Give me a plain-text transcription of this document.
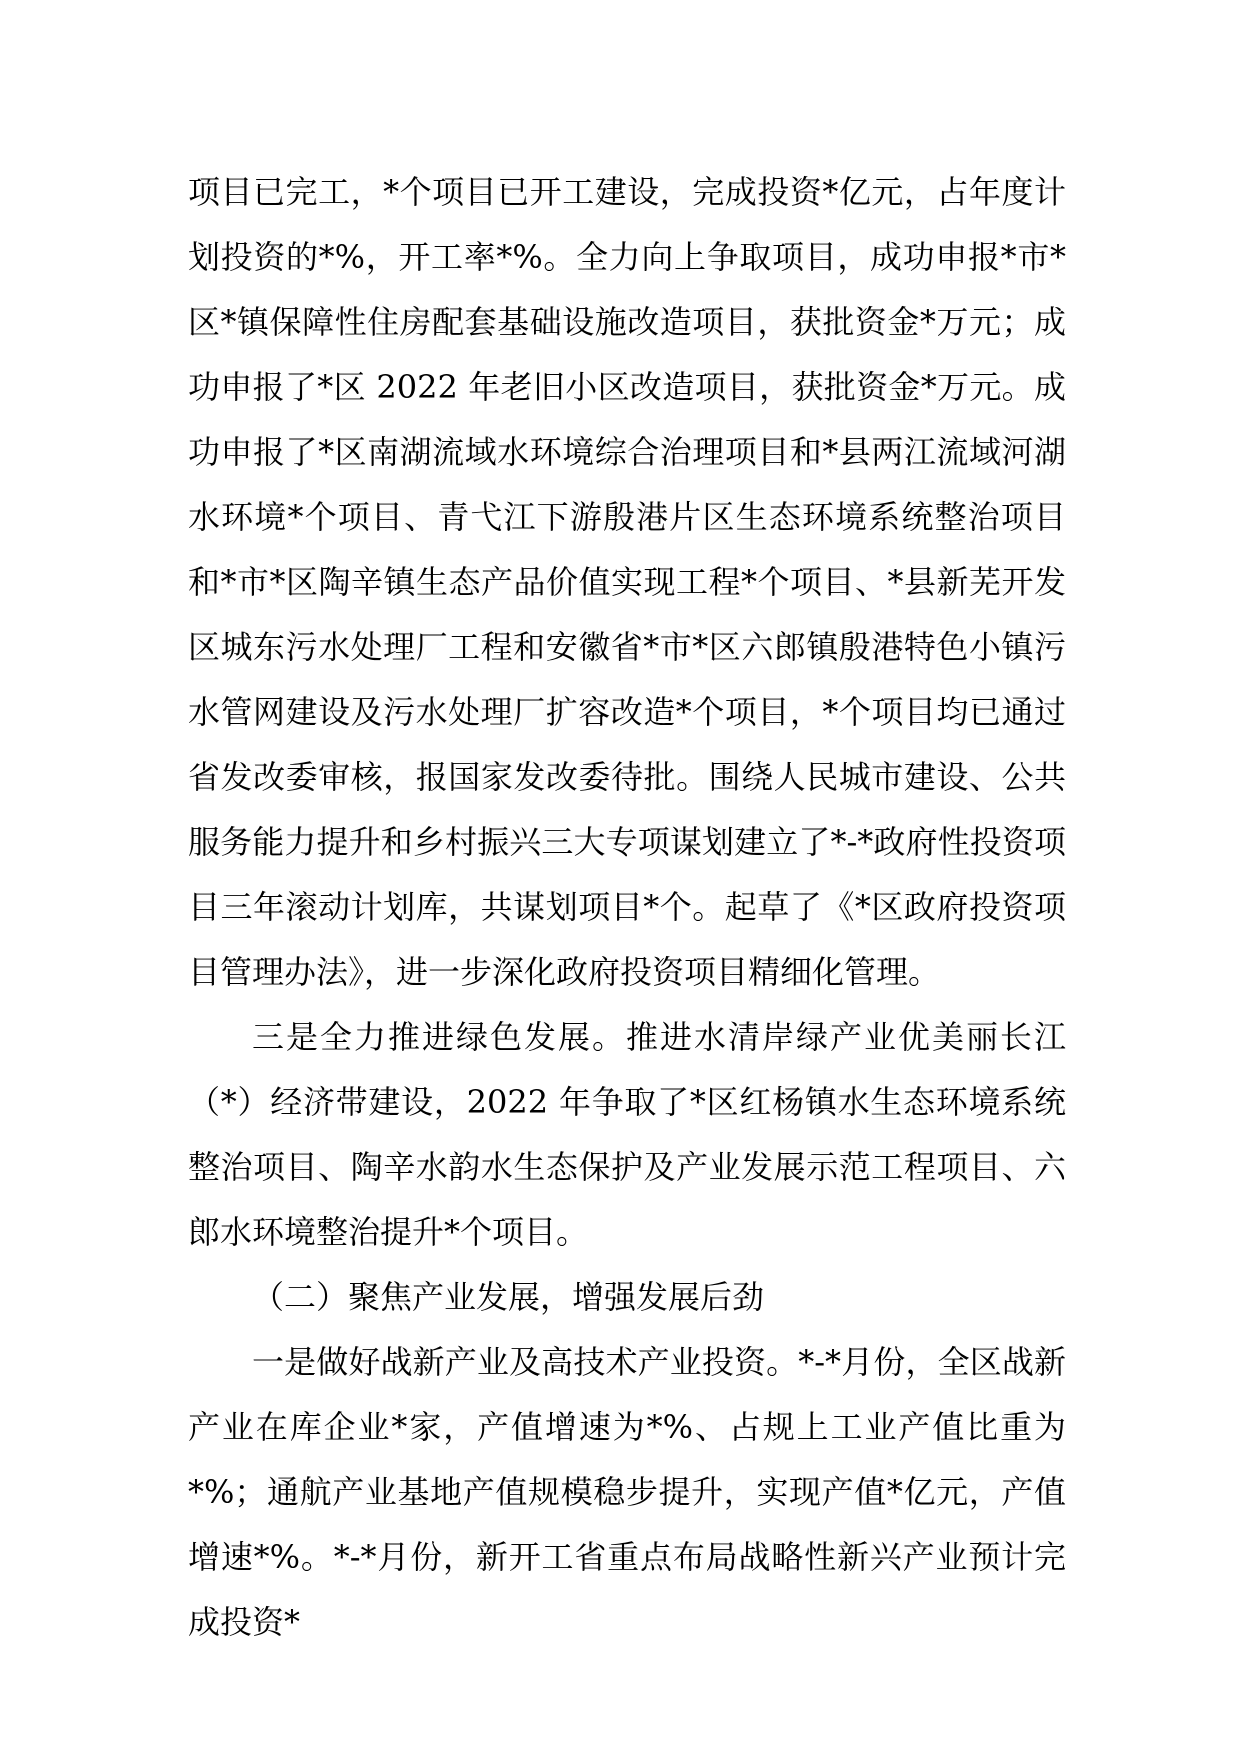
项目已完工，*个项目已开工建设，完成投资*亿元，占年度计划投资的*%，开工率*%。全力向上争取项目，成功申报*市*区*镇保障性住房配套基础设施改造项目，获批资金*万元；成功申报了*区 2022 年老旧小区改造项目，获批资金*万元。成功申报了*区南湖流域水环境综合治理项目和*县两江流域河湖水环境*个项目、青弋江下游殷港片区生态环境系统整治项目和*市*区陶辛镇生态产品价值实现工程*个项目、*县新芜开发区城东污水处理厂工程和安徽省*市*区六郎镇殷港特色小镇污水管网建设及污水处理厂扩容改造*个项目，*个项目均已通过省发改委审核，报国家发改委待批。围绕人民城市建设、公共服务能力提升和乡村振兴三大专项谋划建立了*-*政府性投资项目三年滚动计划库，共谋划项目*个。起草了《*区政府投资项目管理办法》，进一步深化政府投资项目精细化管理。

三是全力推进绿色发展。推进水清岸绿产业优美丽长江（*）经济带建设，2022 年争取了*区红杨镇水生态环境系统整治项目、陶辛水韵水生态保护及产业发展示范工程项目、六郎水环境整治提升*个项目。

（二）聚焦产业发展，增强发展后劲

一是做好战新产业及高技术产业投资。*-*月份，全区战新产业在库企业*家，产值增速为*%、占规上工业产值比重为*%；通航产业基地产值规模稳步提升，实现产值*亿元，产值增速*%。*-*月份，新开工省重点布局战略性新兴产业预计完成投资*
